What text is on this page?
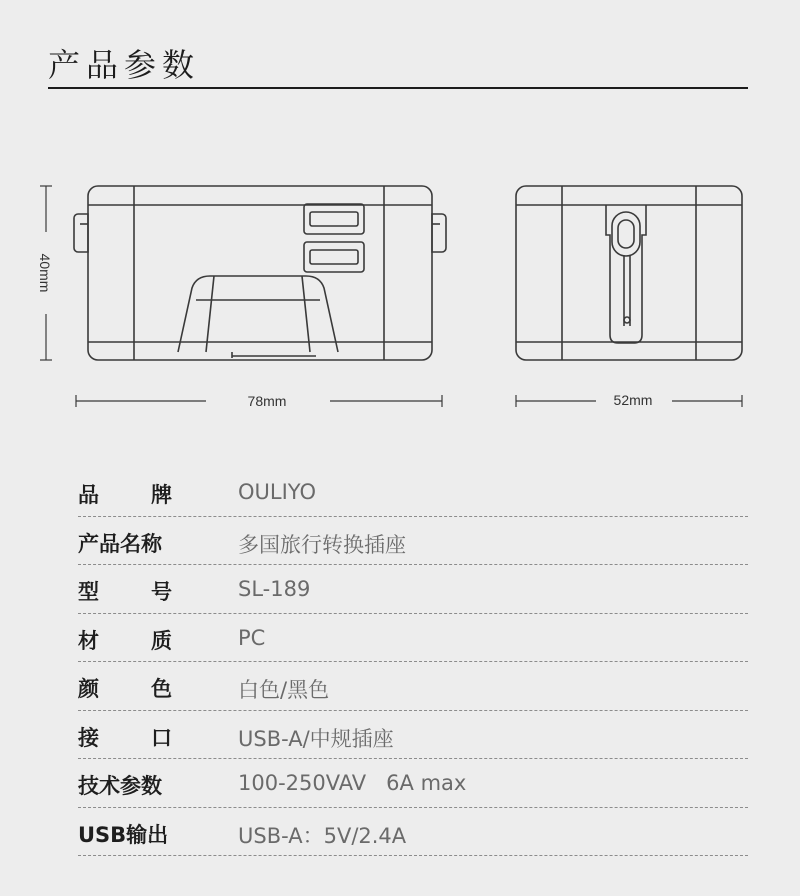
产品参数
40mm
78mm	52mm
品 牌	OULIYO
产品名称	多国旅行转换插座
型 号	SL-189
材 质	PC
颜 色	白色/黑色
接 口	USB-A/中规插座
技术参数	100-250VAV   6A max
USB输出	USB-A：5V/2.4A
